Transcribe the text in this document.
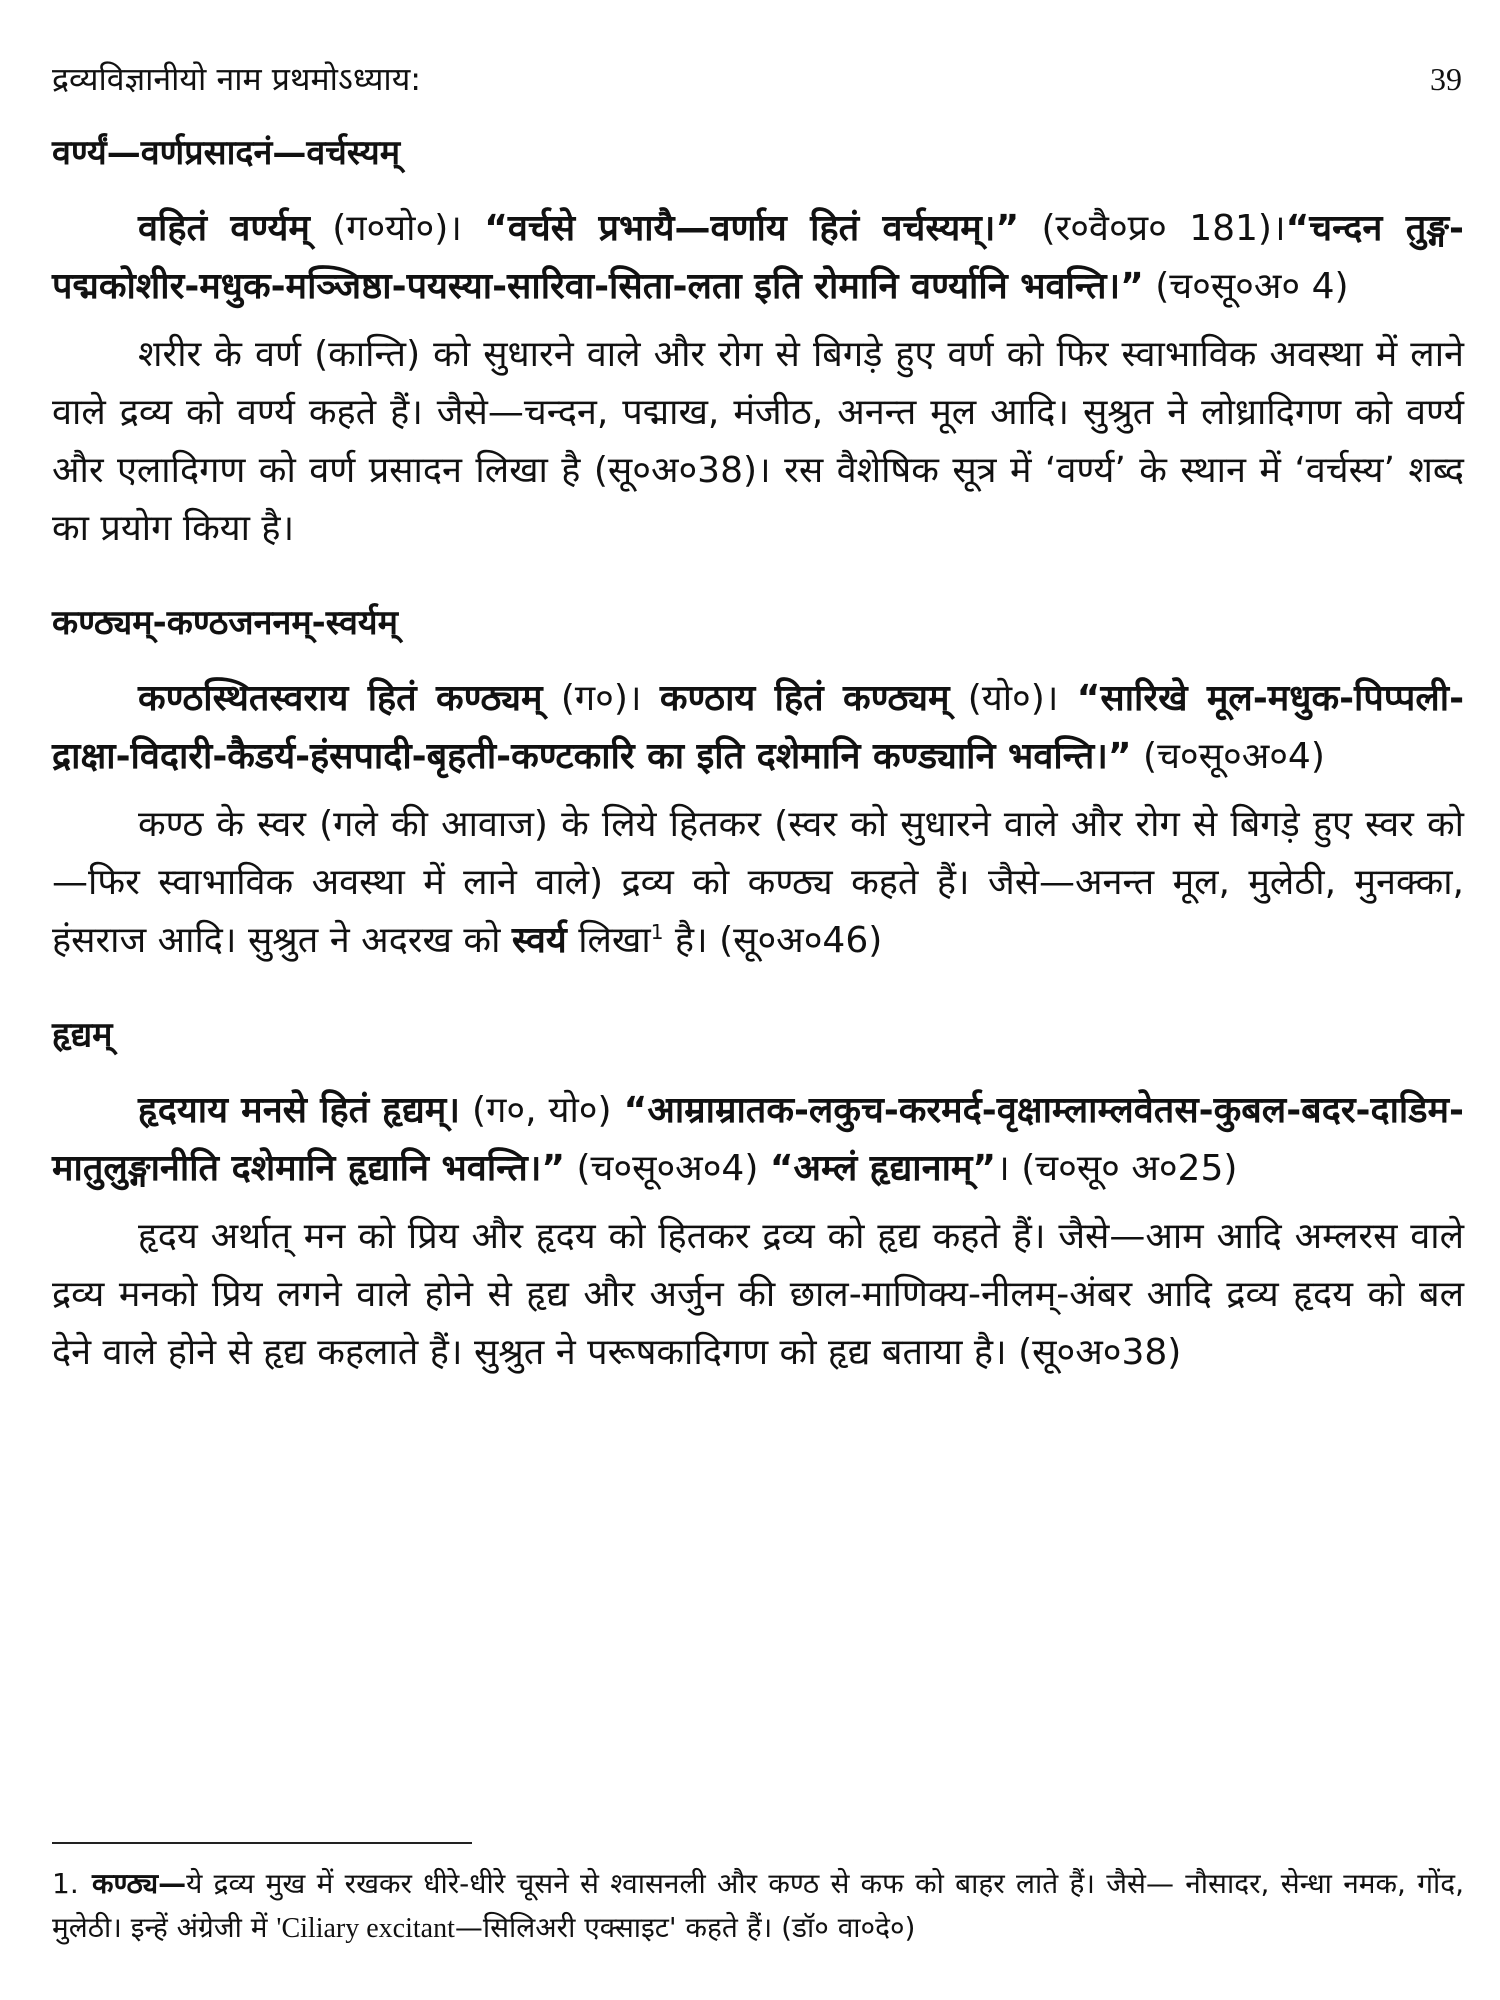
द्रव्यविज्ञानीयो नाम प्रथमोऽध्याय:	39
वर्ण्यं—वर्णप्रसादनं—वर्चस्यम्

वहितं वर्ण्यम् (ग०यो०)। “वर्चसे प्रभायै—वर्णाय हितं वर्चस्यम्।” (र०वै०प्र० 181)।“चन्दन तुङ्ग-पद्मकोशीर-मधुक-मञ्जिष्ठा-पयस्या-सारिवा-सिता-लता इति रोमानि वर्ण्यानि भवन्ति।” (च०सू०अ० 4)

शरीर के वर्ण (कान्ति) को सुधारने वाले और रोग से बिगड़े हुए वर्ण को फिर स्वाभाविक अवस्था में लाने वाले द्रव्य को वर्ण्य कहते हैं। जैसे—चन्दन, पद्माख, मंजीठ, अनन्त मूल आदि। सुश्रुत ने लोध्रादिगण को वर्ण्य और एलादिगण को वर्ण प्रसादन लिखा है (सू०अ०38)। रस वैशेषिक सूत्र में ‘वर्ण्य’ के स्थान में ‘वर्चस्य’ शब्द का प्रयोग किया है।

कण्ठ्यम्-कण्ठजननम्-स्वर्यम्

कण्ठस्थितस्वराय हितं कण्ठ्यम् (ग०)। कण्ठाय हितं कण्ठ्यम् (यो०)। “सारिखे मूल-मधुक-पिप्पली-द्राक्षा-विदारी-कैडर्य-हंसपादी-बृहती-कण्टकारि का इति दशेमानि कण्ड्यानि भवन्ति।” (च०सू०अ०4)

कण्ठ के स्वर (गले की आवाज) के लिये हितकर (स्वर को सुधारने वाले और रोग से बिगड़े हुए स्वर को—फिर स्वाभाविक अवस्था में लाने वाले) द्रव्य को कण्ठ्य कहते हैं। जैसे—अनन्त मूल, मुलेठी, मुनक्का, हंसराज आदि। सुश्रुत ने अदरख को स्वर्य लिखा$^1$ है। (सू०अ०46)

हृद्यम्

हृदयाय मनसे हितं हृद्यम्। (ग०, यो०) “आम्राम्रातक-लकुच-करमर्द-वृक्षाम्लाम्लवेतस-कुबल-बदर-दाडिम-मातुलुङ्गानीति दशेमानि हृद्यानि भवन्ति।” (च०सू०अ०4) “अम्लं हृद्यानाम्”। (च०सू० अ०25)

हृदय अर्थात् मन को प्रिय और हृदय को हितकर द्रव्य को हृद्य कहते हैं। जैसे—आम आदि अम्लरस वाले द्रव्य मनको प्रिय लगने वाले होने से हृद्य और अर्जुन की छाल-माणिक्य-नीलम्-अंबर आदि द्रव्य हृदय को बल देने वाले होने से हृद्य कहलाते हैं। सुश्रुत ने परूषकादिगण को हृद्य बताया है। (सू०अ०38)

1. कण्ठ्य—ये द्रव्य मुख में रखकर धीरे-धीरे चूसने से श्वासनली और कण्ठ से कफ को बाहर लाते हैं। जैसे— नौसादर, सेन्धा नमक, गोंद, मुलेठी। इन्हें अंग्रेजी में 'Ciliary excitant—सिलिअरी एक्साइट' कहते हैं। (डॉ० वा०दे०)
